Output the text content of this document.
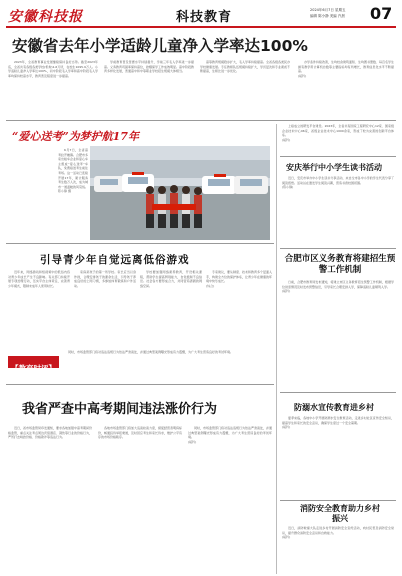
安徽科技报	科技教育	2024年6月7日 星期五
编辑 陈小静 美编 汽晨 07
安徽省去年小学适龄儿童净入学率达100%

2023年，全省教育事业发展继续保持良好态势。截至2023年底，全省共有各级各类学校(机构)1.6万所，在校生1095.9万人。小学适龄儿童净入学率达100%，初中阶段毛入学率和高中阶段毛入学率均保持较高水平，教育普及程度进一步提高。

学前教育普及普惠水平持续提升，学前三年毛入学率进一步提高。义务教育巩固率保持高位，控辍保学工作成效明显。高中阶段教育多样化发展，普通高中和中等职业学校招生规模大体相当。

高等教育规模稳步扩大，毛入学率持续提高。全省各级各类民办学校健康发展。专任教师队伍规模持续扩大，学历层次和专业素质不断提高，生师比进一步优化。

办学条件持续改善，生均校舍建筑面积、生均图书册数、每百名学生拥有教学用计算机台数等主要指标均有所增长，教育信息化水平不断提高。

(皖科)
“爱心送考”为梦护航17年

6月7日，全省高考拉开帷幕。合肥市多家出租车企业和爱心车主组成“爱心送考”车队，免费接送考生前往考场。这一活动已连续开展17年，累计服务考生数万人次，成为城市一道温暖的风景线。

陈小静 摄
引导青少年自觉远离低俗游戏

近年来，网络游戏和短视频中的低俗内容对青少年成长产生不良影响。有关部门持续开展专项治理行动，压实平台主体责任，完善青少年模式，限制未成年人使用时长。

家庭是孩子的第一所学校。家长应当以身作则，合理安排孩子的课余生活，引导孩子养成良好的上网习惯，多参加体育锻炼和户外活动。

学校要加强网络素养教育，开设相关课程，帮助学生提高辨别能力，自觉抵制不良信息。社会各方要形成合力，共同营造清朗的网络空间。

专家建议，要从制度、技术和教育多个层面入手，构建全方位的保护体系，让青少年在健康的环境中快乐成长。

(综合)
【教育时评】

同时，市场监管部门将对违法违规行为依法严肃查处，并通过典型案例曝光形成有力震慑，为广大考生营造良好的考试环境。

我省严查中高考期间违法涨价行为

近日，省市场监管局印发通知，要求各地加强中高考期间价格监管，重点关注考点周边宾馆酒店、餐饮等行业的价格行为，严厉打击哄抬价格、价格欺诈等违法行为。

各地市场监管部门将加大巡查检查力度，督促经营者明码标价，畅通投诉举报渠道，及时回应考生和家长诉求，维护公平有序的市场价格秩序。

同时，市场监管部门将对违法违规行为依法严肃查处，并通过典型案例曝光形成有力震慑，为广大考生营造良好的考试环境。

(皖科)

上接成立的研发平台建设。2023年，全省共有国家工程研究中心12家、国家级企业技术中心96家，省级企业技术中心1000余家，形成了较为完善的创新平台体系。

(皖科)
安庆举行中小学生读书活动

近日，安庆市举办中小学生读书分享活动，来自全市各中小学的学生代表分享了阅读感悟。活动旨在激发学生阅读兴趣，营造书香校园氛围。

(陈小静)
合肥市区义务教育将建招生预警工作机制

日前，合肥市教育局发布通知，将建立市区义务教育招生预警工作机制，根据学位供需情况及时发布预警信息，引导家长合理安排入学，保障适龄儿童顺利入学。

(皖科)
防溺水宣传教育进乡村

夏季来临，各地中小学开展防溺水安全教育活动，走进乡村社区宣传安全知识，提高学生和家长的安全意识，确保学生度过一个安全暑期。

(皖科)
消防安全教育助力乡村振兴

近日，消防救援大队走进乡村开展消防安全宣传活动，向村民普及消防安全常识，提升群众消防安全意识和自救能力。

(皖科)
